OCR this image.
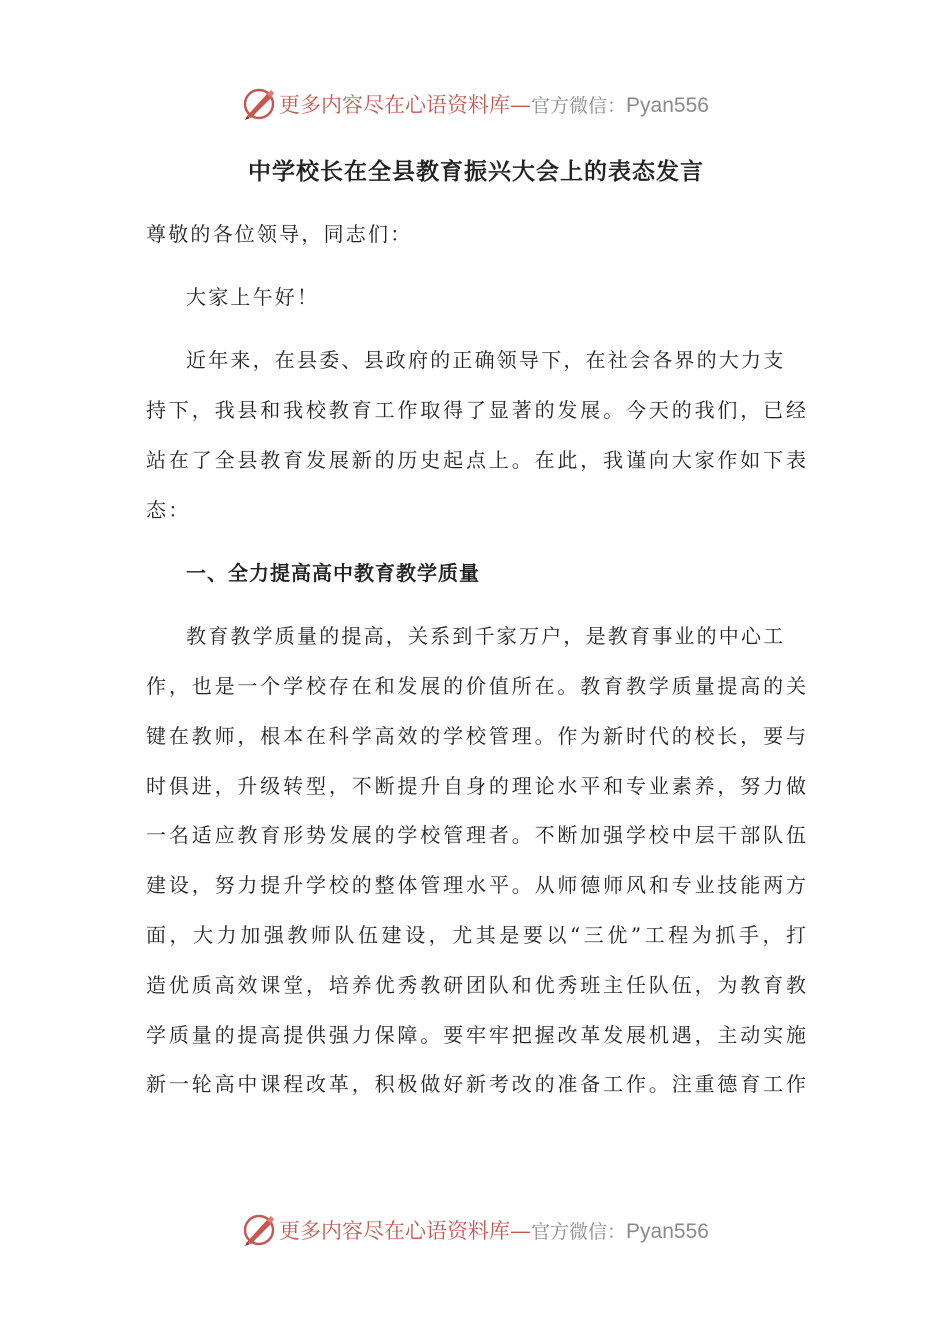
更多内容尽在心语资料库—官方微信：Pyan556
中学校长在全县教育振兴大会上的表态发言
尊敬的各位领导，同志们：
大家上午好！
近年来，在县委、县政府的正确领导下，在社会各界的大力支
持下，我县和我校教育工作取得了显著的发展。今天的我们，已经
站在了全县教育发展新的历史起点上。在此，我谨向大家作如下表
态：
一、全力提高高中教育教学质量
教育教学质量的提高，关系到千家万户，是教育事业的中心工
作，也是一个学校存在和发展的价值所在。教育教学质量提高的关
键在教师，根本在科学高效的学校管理。作为新时代的校长，要与
时俱进，升级转型，不断提升自身的理论水平和专业素养，努力做
一名适应教育形势发展的学校管理者。不断加强学校中层干部队伍
建设，努力提升学校的整体管理水平。从师德师风和专业技能两方
面，大力加强教师队伍建设，尤其是要以“三优”工程为抓手，打
造优质高效课堂，培养优秀教研团队和优秀班主任队伍，为教育教
学质量的提高提供强力保障。要牢牢把握改革发展机遇，主动实施
新一轮高中课程改革，积极做好新考改的准备工作。注重德育工作
更多内容尽在心语资料库—官方微信：Pyan556
